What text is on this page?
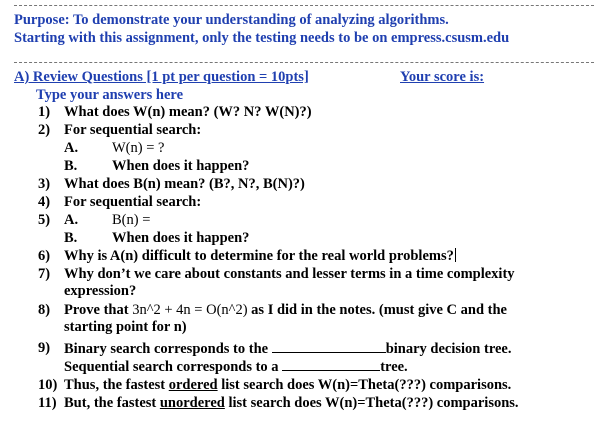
Purpose: To demonstrate your understanding of analyzing algorithms.
Starting with this assignment, only the testing needs to be on empress.csusm.edu
A) Review Questions [1 pt per question = 10pts]	Your score is:
Type your answers here
1) What does W(n) mean? (W? N? W(N)?)
2) For sequential search:
A. W(n) = ?
B. When does it happen?
3) What does B(n) mean? (B?, N?, B(N)?)
4) For sequential search:
5) A. B(n) =
B. When does it happen?
6) Why is A(n) difficult to determine for the real world problems?
7) Why don’t we care about constants and lesser terms in a time complexity
expression?
8) Prove that 3n^2 + 4n = O(n^2) as I did in the notes. (must give C and the
starting point for n)
9) Binary search corresponds to the	binary decision tree.
Sequential search corresponds to a	tree.
10) Thus, the fastest ordered list search does W(n)=Theta(???) comparisons.
11) But, the fastest unordered list search does W(n)=Theta(???) comparisons.
